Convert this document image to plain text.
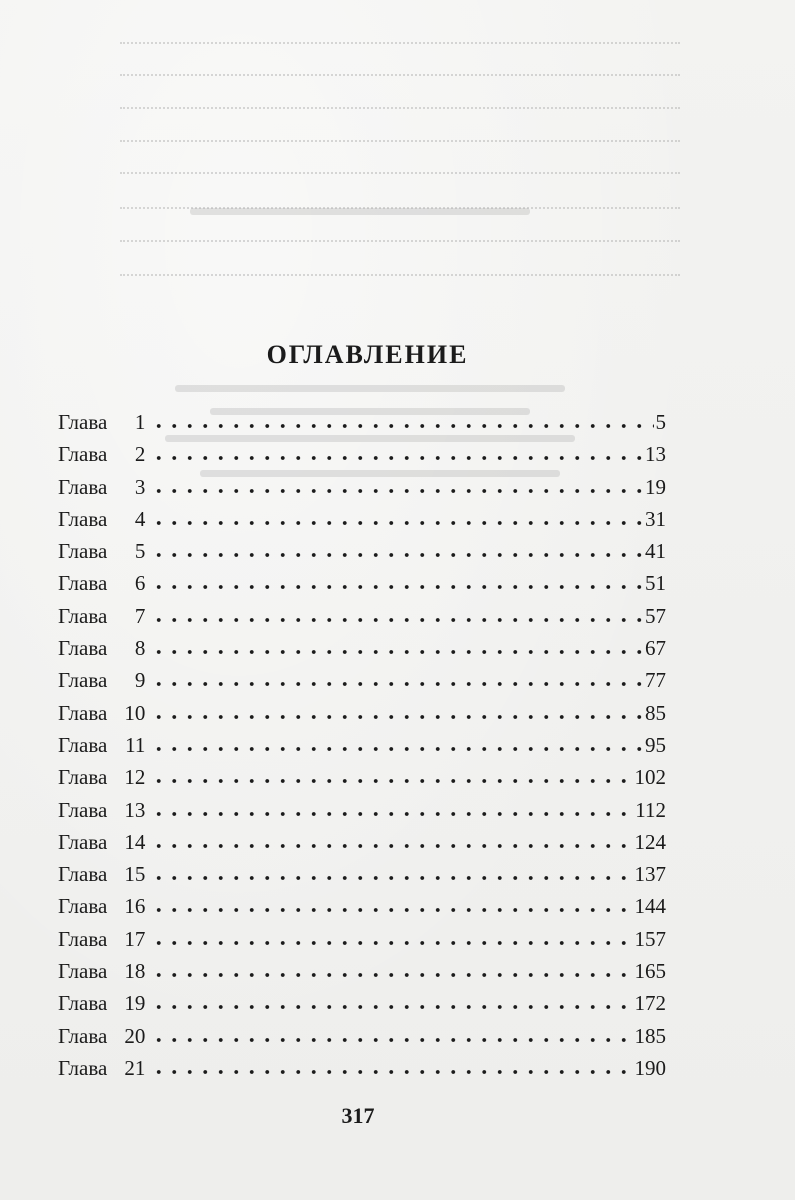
ОГЛАВЛЕНИЕ
Глава	1	5
Глава	2	13
Глава	3	19
Глава	4	31
Глава	5	41
Глава	6	51
Глава	7	57
Глава	8	67
Глава	9	77
Глава 10	85
Глава 11	95
Глава 12	102
Глава 13	112
Глава 14	124
Глава 15	137
Глава 16	144
Глава 17	157
Глава 18	165
Глава 19	172
Глава 20	185
Глава 21	190
317
